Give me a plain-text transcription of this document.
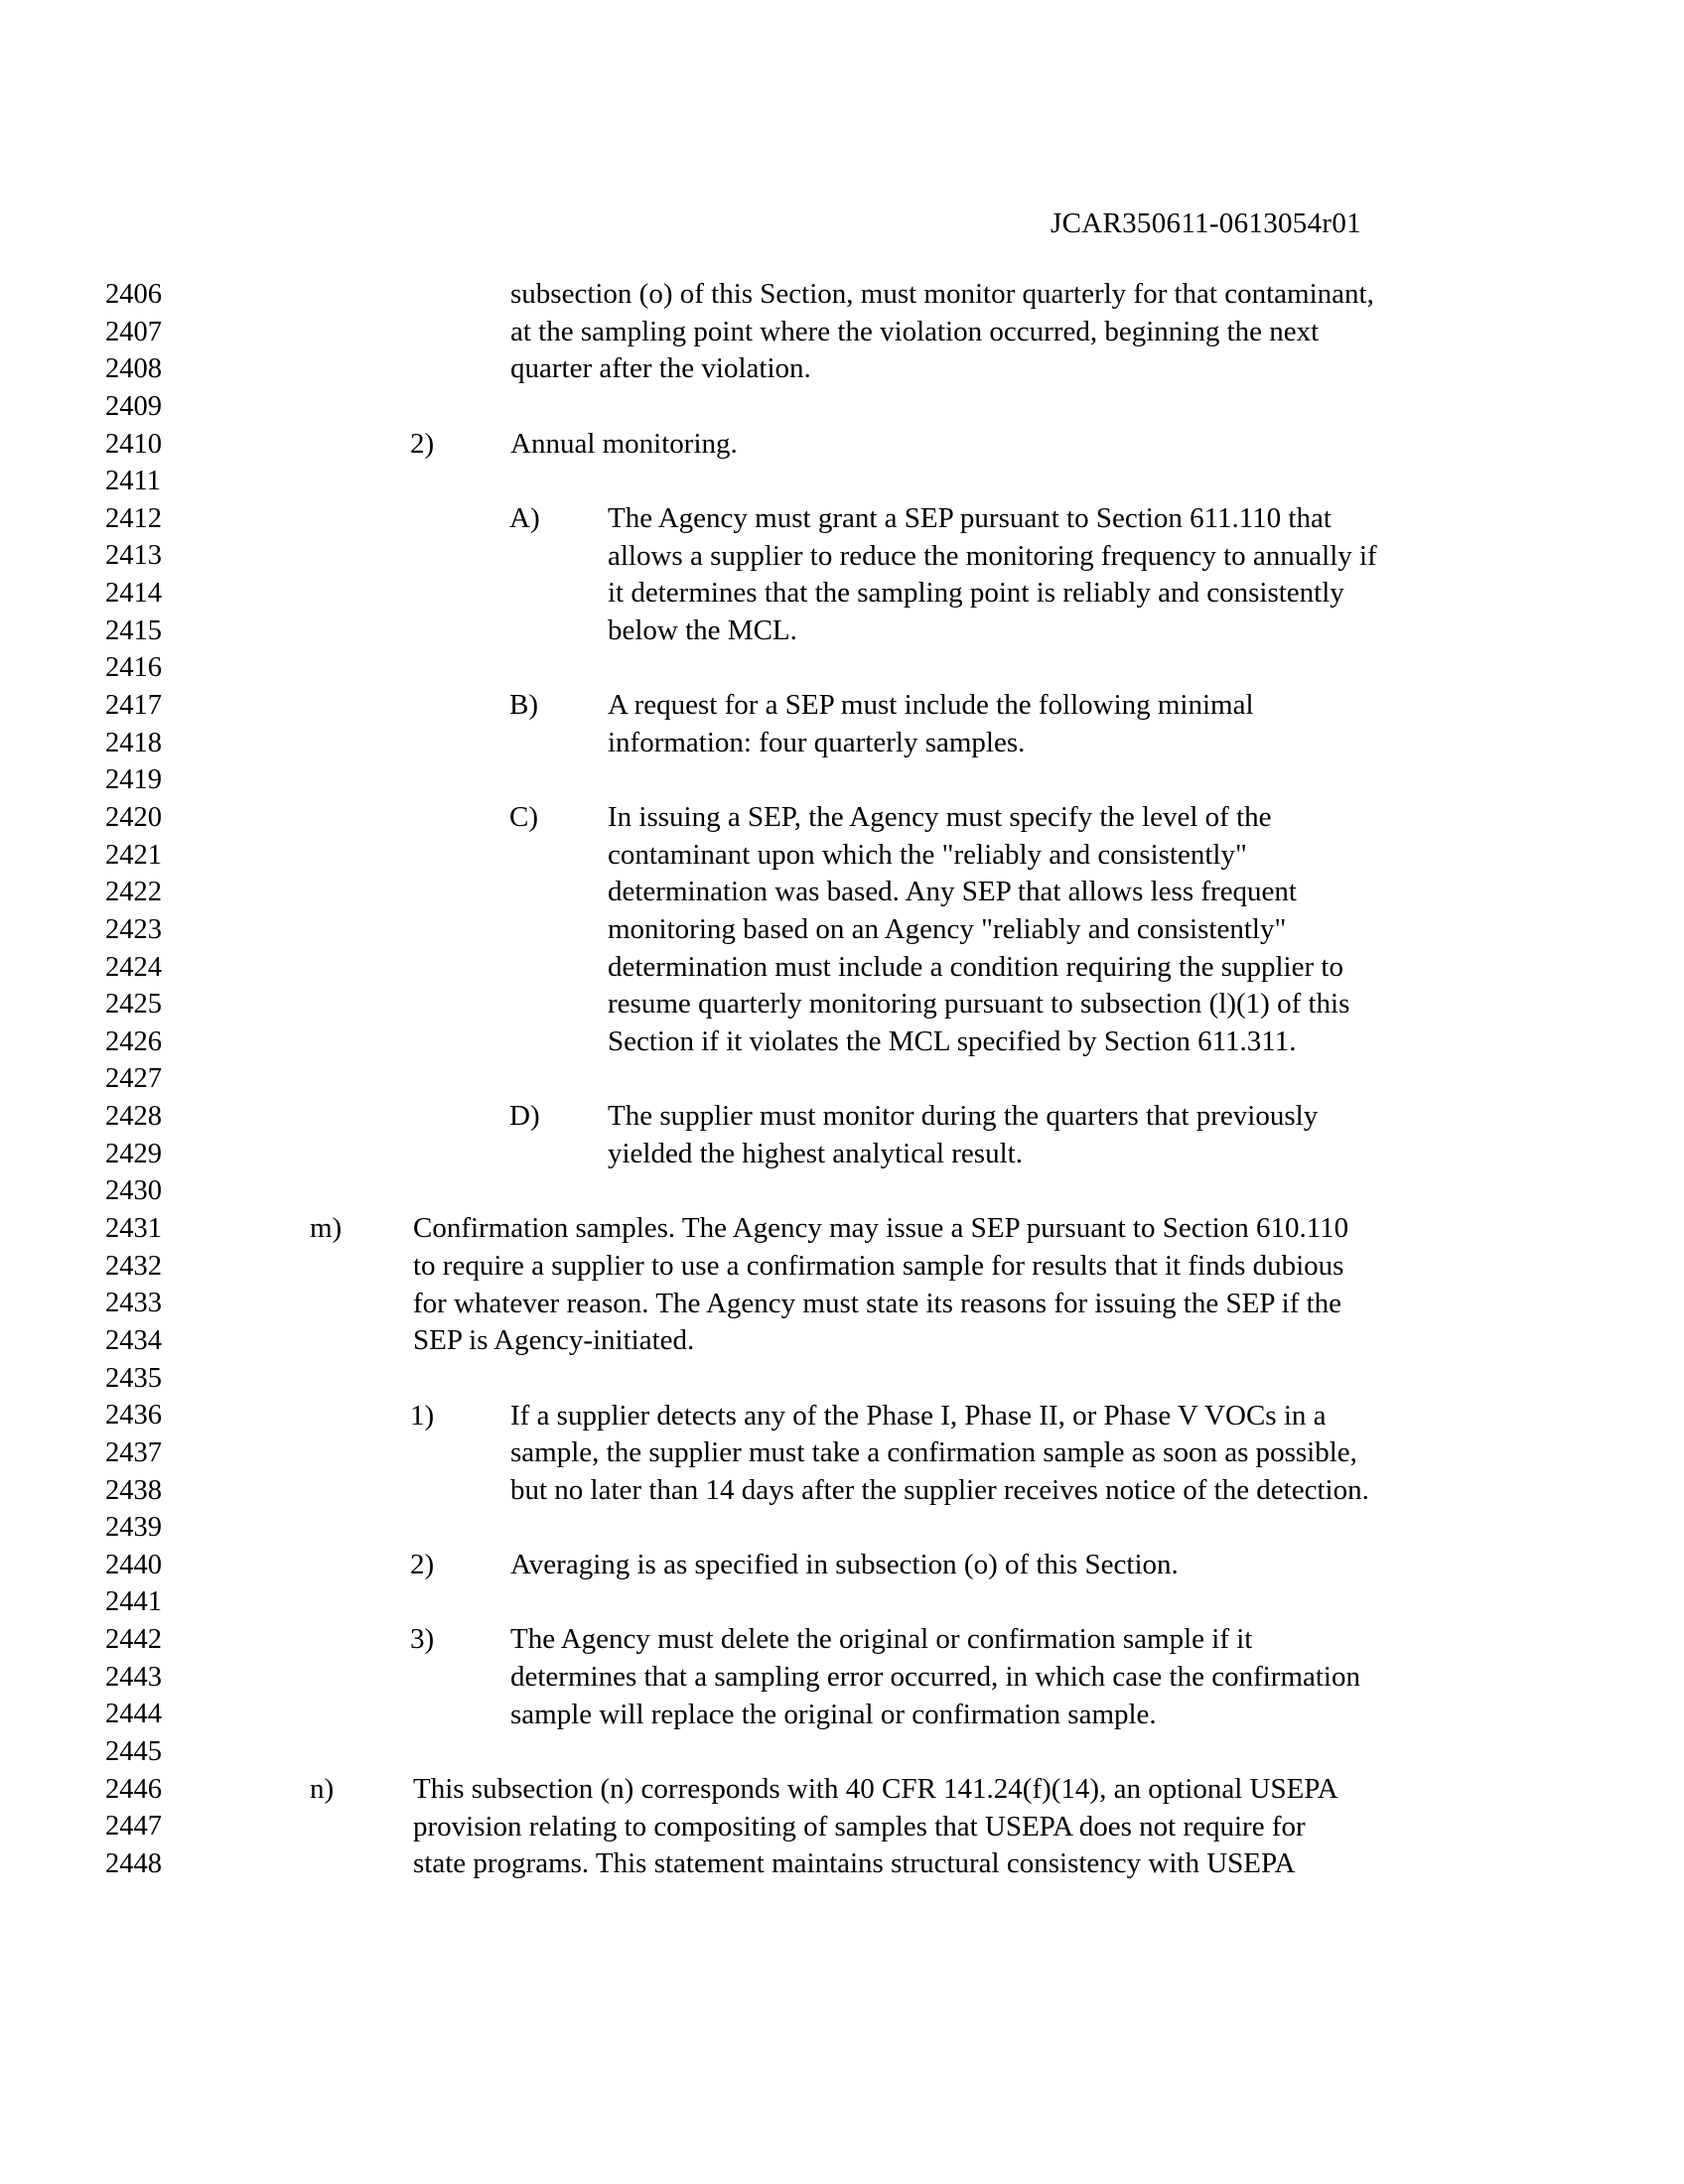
JCAR350611-0613054r01
2406
2407
2408
2409
2410
2411
2412
2413
2414
2415
2416
2417
2418
2419
2420
2421
2422
2423
2424
2425
2426
2427
2428
2429
2430
2431
2432
2433
2434
2435
2436
2437
2438
2439
2440
2441
2442
2443
2444
2445
2446
2447
2448
subsection (o) of this Section, must monitor quarterly for that contaminant,
at the sampling point where the violation occurred, beginning the next
quarter after the violation.
2)	Annual monitoring.
A) The Agency must grant a SEP pursuant to Section 611.110 that
allows a supplier to reduce the monitoring frequency to annually if
it determines that the sampling point is reliably and consistently
below the MCL.
B) A request for a SEP must include the following minimal
information: four quarterly samples.
C) In issuing a SEP, the Agency must specify the level of the
contaminant upon which the "reliably and consistently"
determination was based. Any SEP that allows less frequent
monitoring based on an Agency "reliably and consistently"
determination must include a condition requiring the supplier to
resume quarterly monitoring pursuant to subsection (l)(1) of this
Section if it violates the MCL specified by Section 611.311.
D) The supplier must monitor during the quarters that previously
yielded the highest analytical result.
m) Confirmation samples. The Agency may issue a SEP pursuant to Section 610.110
to require a supplier to use a confirmation sample for results that it finds dubious
for whatever reason. The Agency must state its reasons for issuing the SEP if the
SEP is Agency-initiated.
1)	If a supplier detects any of the Phase I, Phase II, or Phase V VOCs in a
sample, the supplier must take a confirmation sample as soon as possible,
but no later than 14 days after the supplier receives notice of the detection.
2)	Averaging is as specified in subsection (o) of this Section.
3)	The Agency must delete the original or confirmation sample if it
determines that a sampling error occurred, in which case the confirmation
sample will replace the original or confirmation sample.
n)	This subsection (n) corresponds with 40 CFR 141.24(f)(14), an optional USEPA
provision relating to compositing of samples that USEPA does not require for
state programs. This statement maintains structural consistency with USEPA
